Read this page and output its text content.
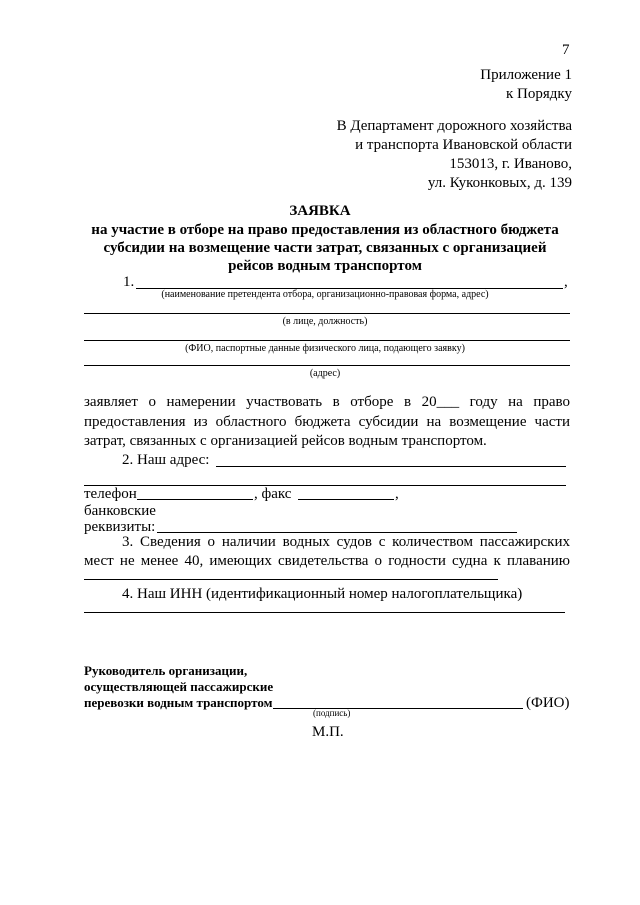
7
Приложение 1
к Порядку
В Департамент дорожного хозяйства
и транспорта Ивановской области
153013, г. Иваново,
ул. Куконковых, д. 139
ЗАЯВКА
на участие в отборе на право предоставления из областного бюджета
субсидии на возмещение части затрат, связанных с организацией
рейсов водным транспортом
1.	,
(наименование претендента отбора, организационно-правовая форма, адрес)
(в лице, должность)
(ФИО, паспортные данные физического лица, подающего заявку)
(адрес)
заявляет о намерении участвовать в отборе в 20___ году на право
предоставления из областного бюджета субсидии на возмещение части
затрат, связанных с организацией рейсов водным транспортом.
2. Наш адрес:
телефон	, факс	,
банковские
реквизиты:
3. Сведения о наличии водных судов с количеством пассажирских
мест не менее 40, имеющих свидетельства о годности судна к плаванию
4. Наш ИНН (идентификационный номер налогоплательщика)
Руководитель организации,
осуществляющей пассажирские
перевозки водным транспортом	(ФИО)
(подпись)
М.П.
